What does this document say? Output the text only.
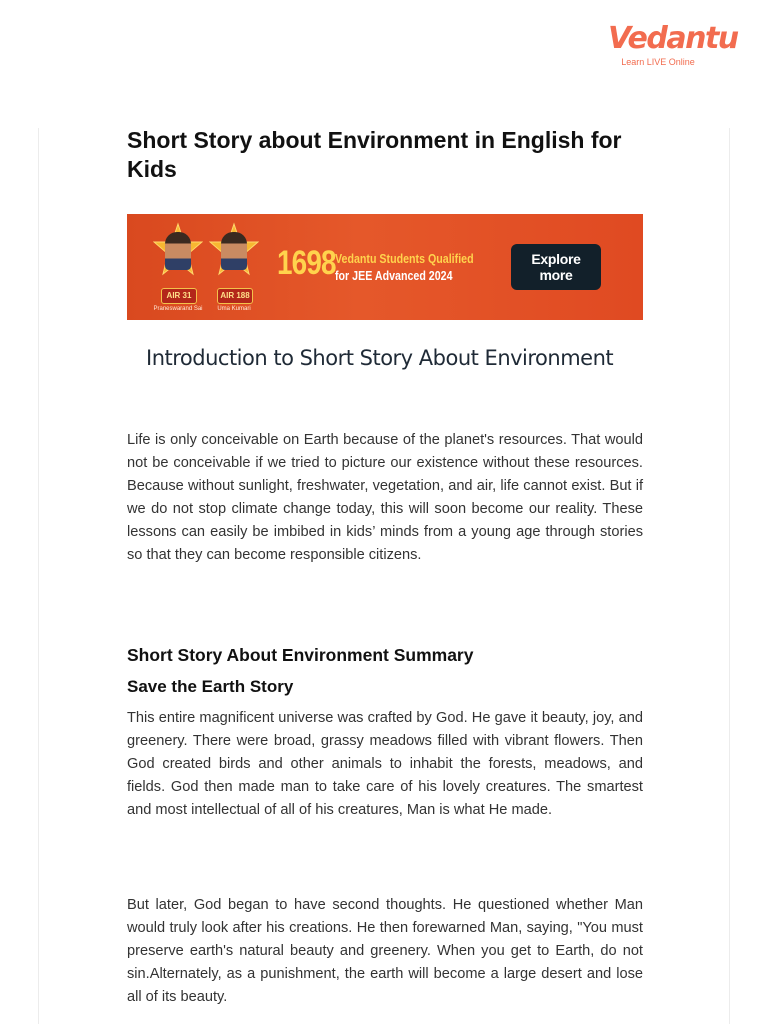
Vedantu
Learn LIVE Online
Short Story about Environment in English for Kids
AIR 31
Praneswarand Sai
AIR 188
Uma Kumari
1698 Vedantu Students Qualified
for JEE Advanced 2024
Explore more
Introduction to Short Story About Environment

Life is only conceivable on Earth because of the planet's resources. That would not be conceivable if we tried to picture our existence without these resources. Because without sunlight, freshwater, vegetation, and air, life cannot exist. But if we do not stop climate change today, this will soon become our reality. These lessons can easily be imbibed in kids’ minds from a young age through stories so that they can become responsible citizens.

Short Story About Environment Summary
Save the Earth Story

This entire magnificent universe was crafted by God. He gave it beauty, joy, and greenery. There were broad, grassy meadows filled with vibrant flowers. Then God created birds and other animals to inhabit the forests, meadows, and fields. God then made man to take care of his lovely creatures. The smartest and most intellectual of all of his creatures, Man is what He made.

But later, God began to have second thoughts. He questioned whether Man would truly look after his creations. He then forewarned Man, saying, "You must preserve earth's natural beauty and greenery. When you get to Earth, do not sin.Alternately, as a punishment, the earth will become a large desert and lose all of its beauty.
